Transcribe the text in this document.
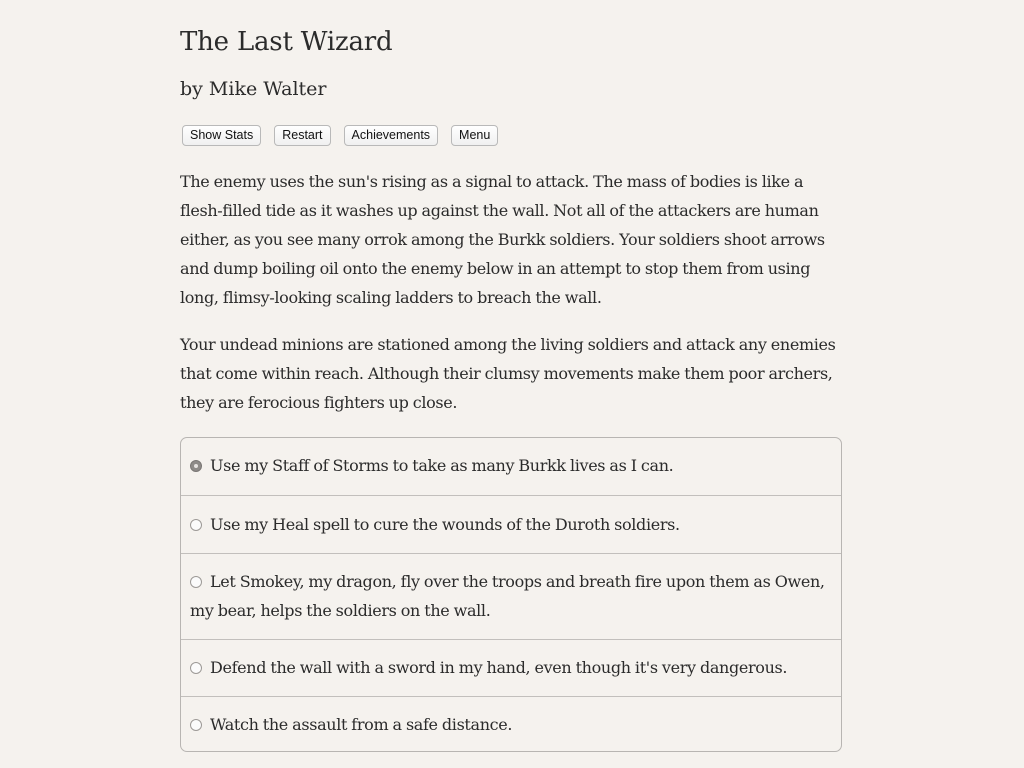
The Last Wizard
by Mike Walter
Show Stats	Restart	Achievements	Menu

The enemy uses the sun's rising as a signal to attack. The mass of bodies is like a flesh-filled tide as it washes up against the wall. Not all of the attackers are human either, as you see many orrok among the Burkk soldiers. Your soldiers shoot arrows and dump boiling oil onto the enemy below in an attempt to stop them from using long, flimsy-looking scaling ladders to breach the wall.

Your undead minions are stationed among the living soldiers and attack any enemies that come within reach. Although their clumsy movements make them poor archers, they are ferocious fighters up close.

Use my Staff of Storms to take as many Burkk lives as I can.
Use my Heal spell to cure the wounds of the Duroth soldiers.
Let Smokey, my dragon, fly over the troops and breath fire upon them as Owen, my bear, helps the soldiers on the wall.
Defend the wall with a sword in my hand, even though it's very dangerous.
Watch the assault from a safe distance.
